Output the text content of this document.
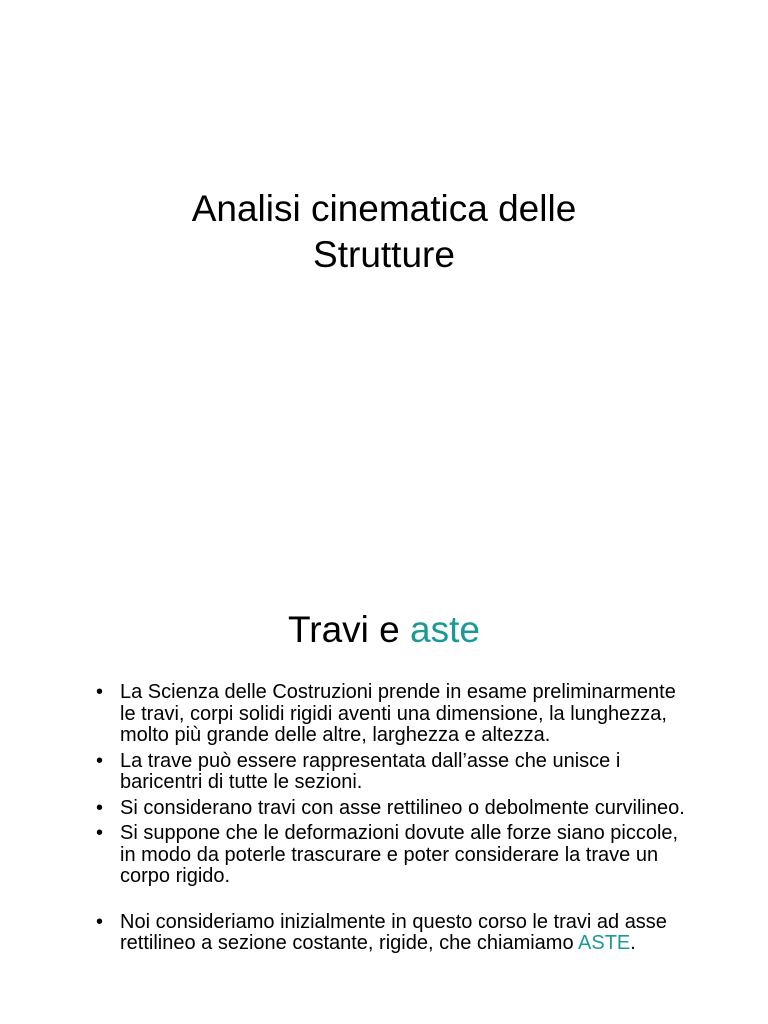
Analisi cinematica delle
Strutture
Travi e aste
• La Scienza delle Costruzioni prende in esame preliminarmente le travi, corpi solidi rigidi aventi una dimensione, la lunghezza, molto più grande delle altre, larghezza e altezza.
• La trave può essere rappresentata dall’asse che unisce i baricentri di tutte le sezioni.
• Si considerano travi con asse rettilineo o debolmente curvilineo.
• Si suppone che le deformazioni dovute alle forze siano piccole, in modo da poterle trascurare e poter considerare la trave un corpo rigido.
• Noi consideriamo inizialmente in questo corso le travi ad asse rettilineo a sezione costante, rigide, che chiamiamo ASTE.
